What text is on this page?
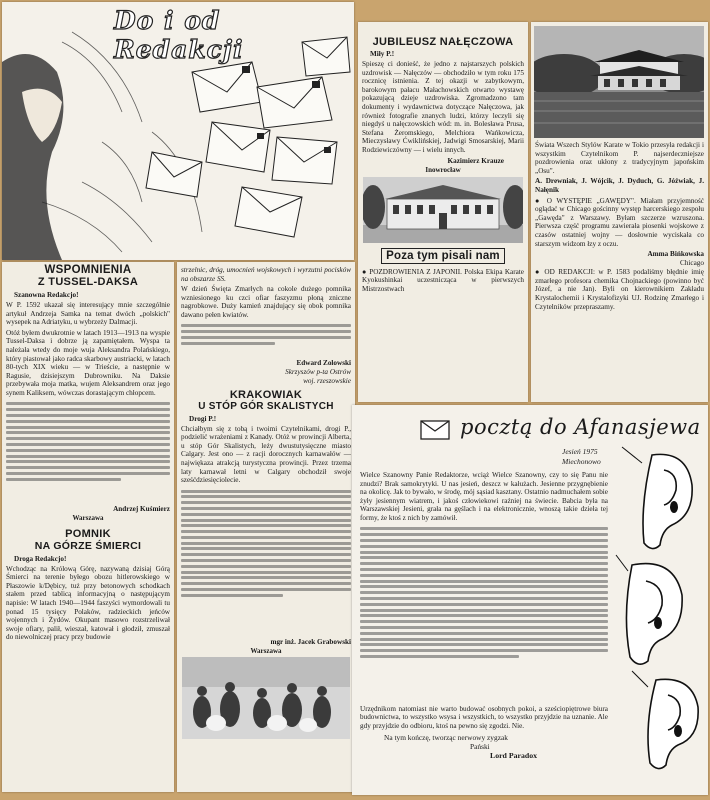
Do i od Redakcji
WSPOMNIENIA
Z TUSSEL-DAKSA
Szanowna Redakcjo!

W P. 1592 ukazał się interesujący mnie szczególnie artykuł Andrzeja Samka na temat dwóch „polskich" wysepek na Adriatyku, u wybrzeży Dalmacji.

Otóż byłem dwukrotnie w latach 1913—1913 na wyspie Tussel-Daksa i dobrze ją zapamiętałem. Wyspa ta należała wtedy do moje wuja Aleksandra Polańskiego, który piastował jako radca skarbowy austriacki, w latach 80-tych XIX wieku — w Trieście, a następnie w Ragusie, dzisiejszym Dubrowniku. Na Daksie przebywała moja matka, wujem Aleksandrem oraz jego synem Kaliksem, wówczas dorastającym chłopcem.

Andrzej Kuśmierz
Warszawa
POMNIK
NA GÓRZE ŚMIERCI
Droga Redakcjo!

Wchodząc na Królową Górę, nazywaną dzisiaj Górą Śmierci na terenie byłego obozu hitlerowskiego w Płaszowie k/Dębicy, tuż przy betonowych schodkach stałem przed tablicą informacyjną o następującym napisie: W latach 1940—1944 faszyści wymordowali tu ponad 15 tysięcy Polaków, radzieckich jeńców wojennych i Żydów. Okupant masowo rozstrzeliwał swoje ofiary, palił, wieszał, katował i głodził, zmuszał do niewolniczej pracy przy budowie

strzelnic, dróg, umocnień wojskowych i wyrzutni pocisków na obszarze SS.

W dzień Święta Zmarłych na cokole dużego pomnika wzniesionego ku czci ofiar faszyzmu płoną zniczne nagrobkowe. Duży kamień znajdujący się obok pomnika dawano pełen kwiatów.

Edward Zolowski
Skrzyszów p-ta Ostrów
woj. rzeszowskie
KRAKOWIAK
U STÓP GÓR SKALISTYCH
Drogi P.!

Chciałbym się z tobą i twoimi Czytelnikami, drogi P., podzielić wrażeniami z Kanady. Otóż w prowincji Alberta, u stóp Gór Skalistych, leży dwustutysięczne miasto Calgary. Jest ono — z racji dorocznych karnawałów — najwiękaza atrakcją turystyczna prowincji. Przez trzema laty karnawał letni w Calgary obchodził swoje sześćdziesięciolecie.

mgr inż. Jacek Grabowski
Warszawa
JUBILEUSZ NAŁĘCZOWA
Miły P.!

Spieszę ci donieść, że jedno z najstarszych polskich uzdrowisk — Nałęczów — obchodziło w tym roku 175 rocznicę istnienia. Z tej okazji w zabytkowym, barokowym pałacu Małachowskich otwarto wystawę pokazującą dzieje uzdrowiska. Zgromadzono tam dokumenty i wydawnictwa dotyczące Nałęczowa, jak również fotografie znanych ludzi, którzy leczyli się niegdyś u nałęczowskich wód: m. in. Bolesława Prusa, Stefana Żeromskiego, Melchiora Wańkowicza, Mieczysławy Ćwiklińskiej, Jadwigi Smosarskiej, Marii Rodziewiczówny — i wielu innych.

Kazimierz Krauze
Inowrocław
Poza tym pisali nam

● POZDROWIENIA Z JAPONII. Polska Ekipa Karate Kyokushinkai uczestnicząca w pierwszych Mistrzostwach

Świata Wszech Stylów Karate w Tokio przesyła redakcji i wszystkim Czytelnikom P. najserdeczniejsze pozdrowienia oraz ukłony z tradycyjnym japońskim „Osu".

A. Drewniak, J. Wójcik, J. Dyduch, G. Jóźwiak, J. Nałęnik

● O WYSTĘPIE „GAWĘDY". Miałam przyjemność oglądać w Chicago gościnny występ harcerskiego zespołu „Gawęda" z Warszawy. Byłam szczerze wzruszona. Pierwsza część programu zawierała piosenki wojskowe z czasów ostatniej wojny — dosłownie wyciskała co starszym widzom łzy z oczu.

Amma Bińkowska
Chicago

● OD REDAKCJI: w P. 1583 podaliśmy błędnie imię zmarłego profesora chemika Chojnackiego (powinno być Józef, a nie Jan). Byli on kierownikiem Zakładu Krystalochemii i Krystalofizyki UJ. Rodzinę Zmarłego i Czytelników przepraszamy.

pocztą do Afanasjewa
Jesień 1975
Miechonowo

Wielce Szanowny Panie Redaktorze, wciąż Wielce Szanowny, czy to się Panu nie znudzi? Brak samokrytyki. U nas jesień, deszcz w kałużach. Jesienne przygnębienie na okolicę. Jak to bywało, w środę, mój sąsiad kasztany. Ostatnio nadmuchałem sobie żyły jesiennym wiatrem, i jakoś człowiekowi raźniej na świecie. Babcia była na Warszawskiej Jesieni, grała na gęślach i na elektronicznie, wnoszą takie dzieła tej formy, że ktoś z nich by zamówił.

Urzędnikom natomiast nie warto budować osobnych pokoi, a sześciopiętrowe biura budownictwa, to wszystko wsysa i wszystkich, to wszystko przyjdzie na uznanie. Ale gdy przyjdzie do odbioru, ktoś na pewno się zgodzi. Nie.

Na tym kończę, tworząc nerwowy zygzak
Pański
Lord Paradox
